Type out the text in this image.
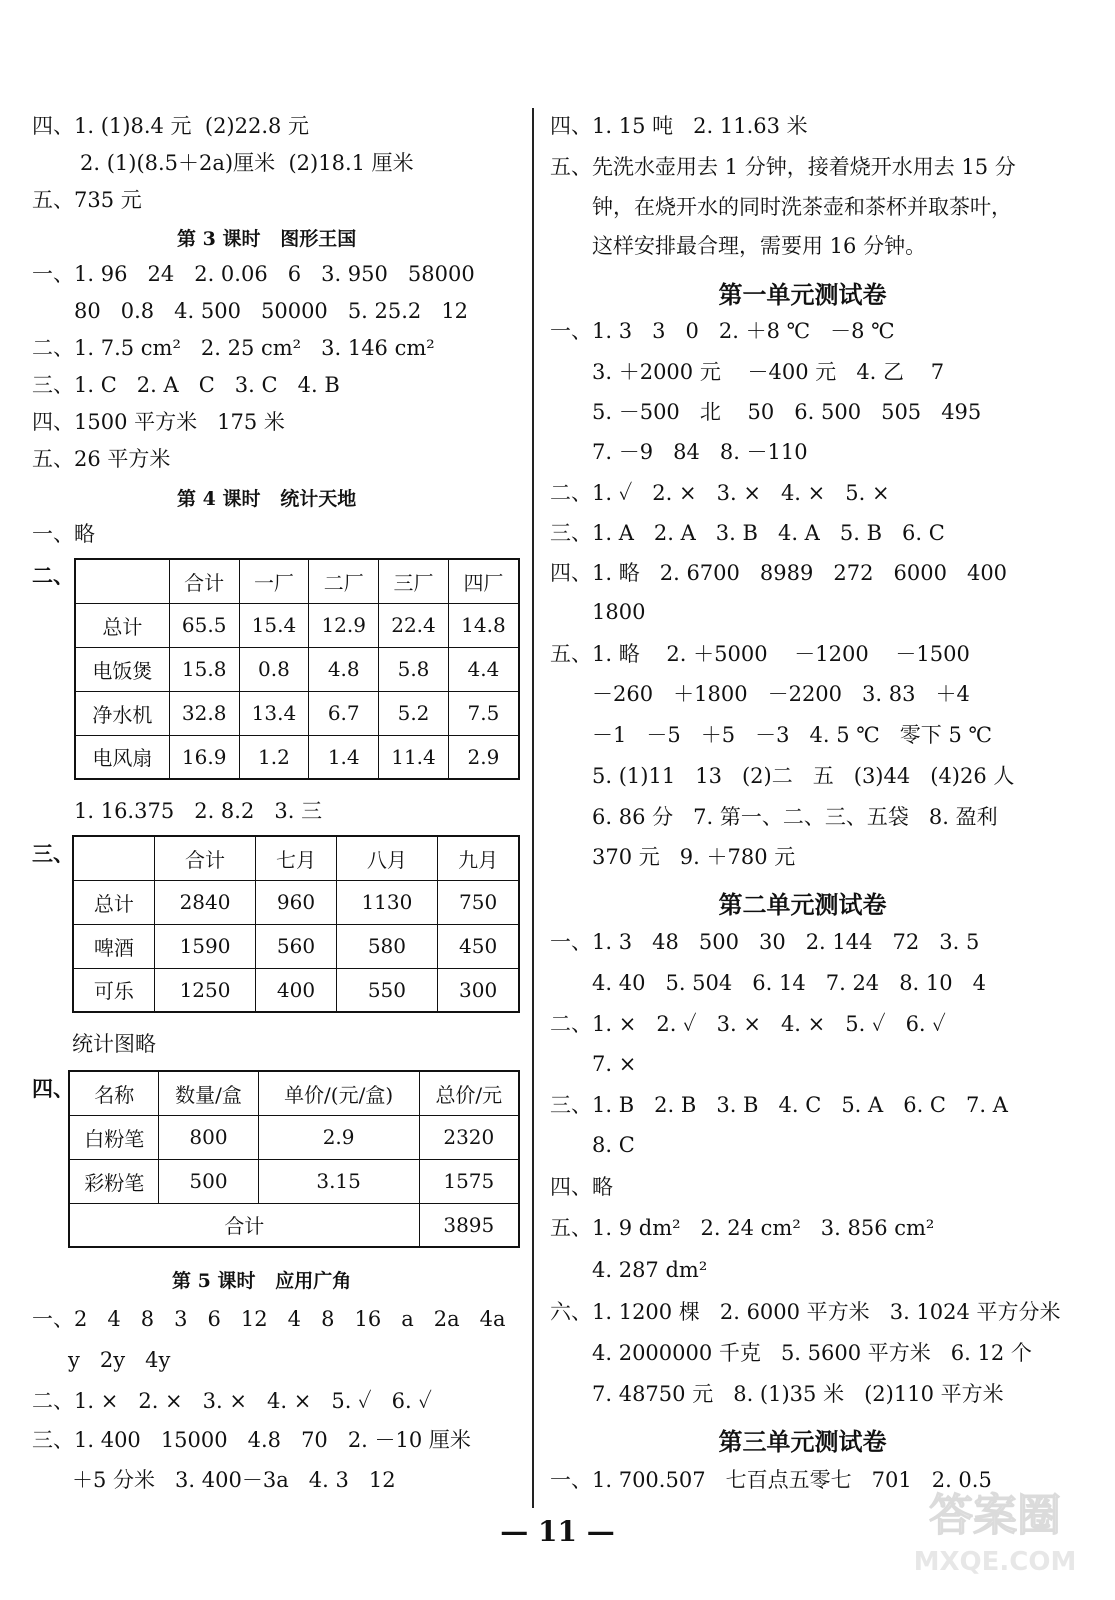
四、1. (1)8.4 元  (2)22.8 元
2. (1)(8.5＋2a)厘米  (2)18.1 厘米
五、735 元
第 3 课时   图形王国
一、1. 96   24   2. 0.06   6   3. 950   58000
80   0.8   4. 500   50000   5. 25.2   12
二、1. 7.5 cm²   2. 25 cm²   3. 146 cm²
三、1. C   2. A   C   3. C   4. B
四、1500 平方米   175 米
五、26 平方米
第 4 课时   统计天地
一、略
二、
		合计	一厂	二厂	三厂	四厂
总计	65.5	15.4	12.9	22.4	14.8
电饭煲	15.8	0.8	4.8	5.8	4.4
净水机	32.8	13.4	6.7	5.2	7.5
电风扇	16.9	1.2	1.4	11.4	2.9
1. 16.375   2. 8.2   3. 三
三、
		合计	七月	八月	九月
总计	2840	960	1130	750
啤酒	1590	560	580	450
可乐	1250	400	550	300
统计图略
四、 名称	数量/盒	单价/(元/盒)	总价/元
白粉笔	800	2.9	2320
彩粉笔	500	3.15	1575
合计			3895
第 5 课时   应用广角
一、2   4   8   3   6   12   4   8   16   a   2a   4a
y   2y   4y
二、1. ×   2. ×   3. ×   4. ×   5. ✓   6. ✓
三、1. 400   15000   4.8   70   2. －10 厘米
＋5 分米   3. 400－3a   4. 3   12
四、1. 15 吨   2. 11.63 米
五、先洗水壶用去 1 分钟，接着烧开水用去 15 分
钟，在烧开水的同时洗茶壶和茶杯并取茶叶，
这样安排最合理，需要用 16 分钟。
第一单元测试卷
一、1. 3   3   0   2. ＋8 ℃   －8 ℃
3. ＋2000 元    －400 元   4. 乙    7
5. －500   北    50   6. 500   505   495
7. －9   84   8. －110
二、1. ✓   2. ×   3. ×   4. ×   5. ×
三、1. A   2. A   3. B   4. A   5. B   6. C
四、1. 略   2. 6700   8989   272   6000   400
1800
五、1. 略    2. ＋5000    －1200    －1500
－260   ＋1800   －2200   3. 83   ＋4
－1   －5   ＋5   －3   4. 5 ℃   零下 5 ℃
5. (1)11   13   (2)二   五   (3)44   (4)26 人
6. 86 分   7. 第一、二、三、五袋   8. 盈利
370 元   9. ＋780 元
第二单元测试卷
一、1. 3   48   500   30   2. 144   72   3. 5
4. 40   5. 504   6. 14   7. 24   8. 10   4
二、1. ×   2. ✓   3. ×   4. ×   5. ✓   6. ✓
7. ×
三、1. B   2. B   3. B   4. C   5. A   6. C   7. A
8. C
四、略
五、1. 9 dm²   2. 24 cm²   3. 856 cm²
4. 287 dm²
六、1. 1200 棵   2. 6000 平方米   3. 1024 平方分米
4. 2000000 千克   5. 5600 平方米   6. 12 个
7. 48750 元   8. (1)35 米   (2)110 平方米
第三单元测试卷
一、1. 700.507   七百点五零七   701   2. 0.5
— 11 —	答案圈
MXQE.COM
